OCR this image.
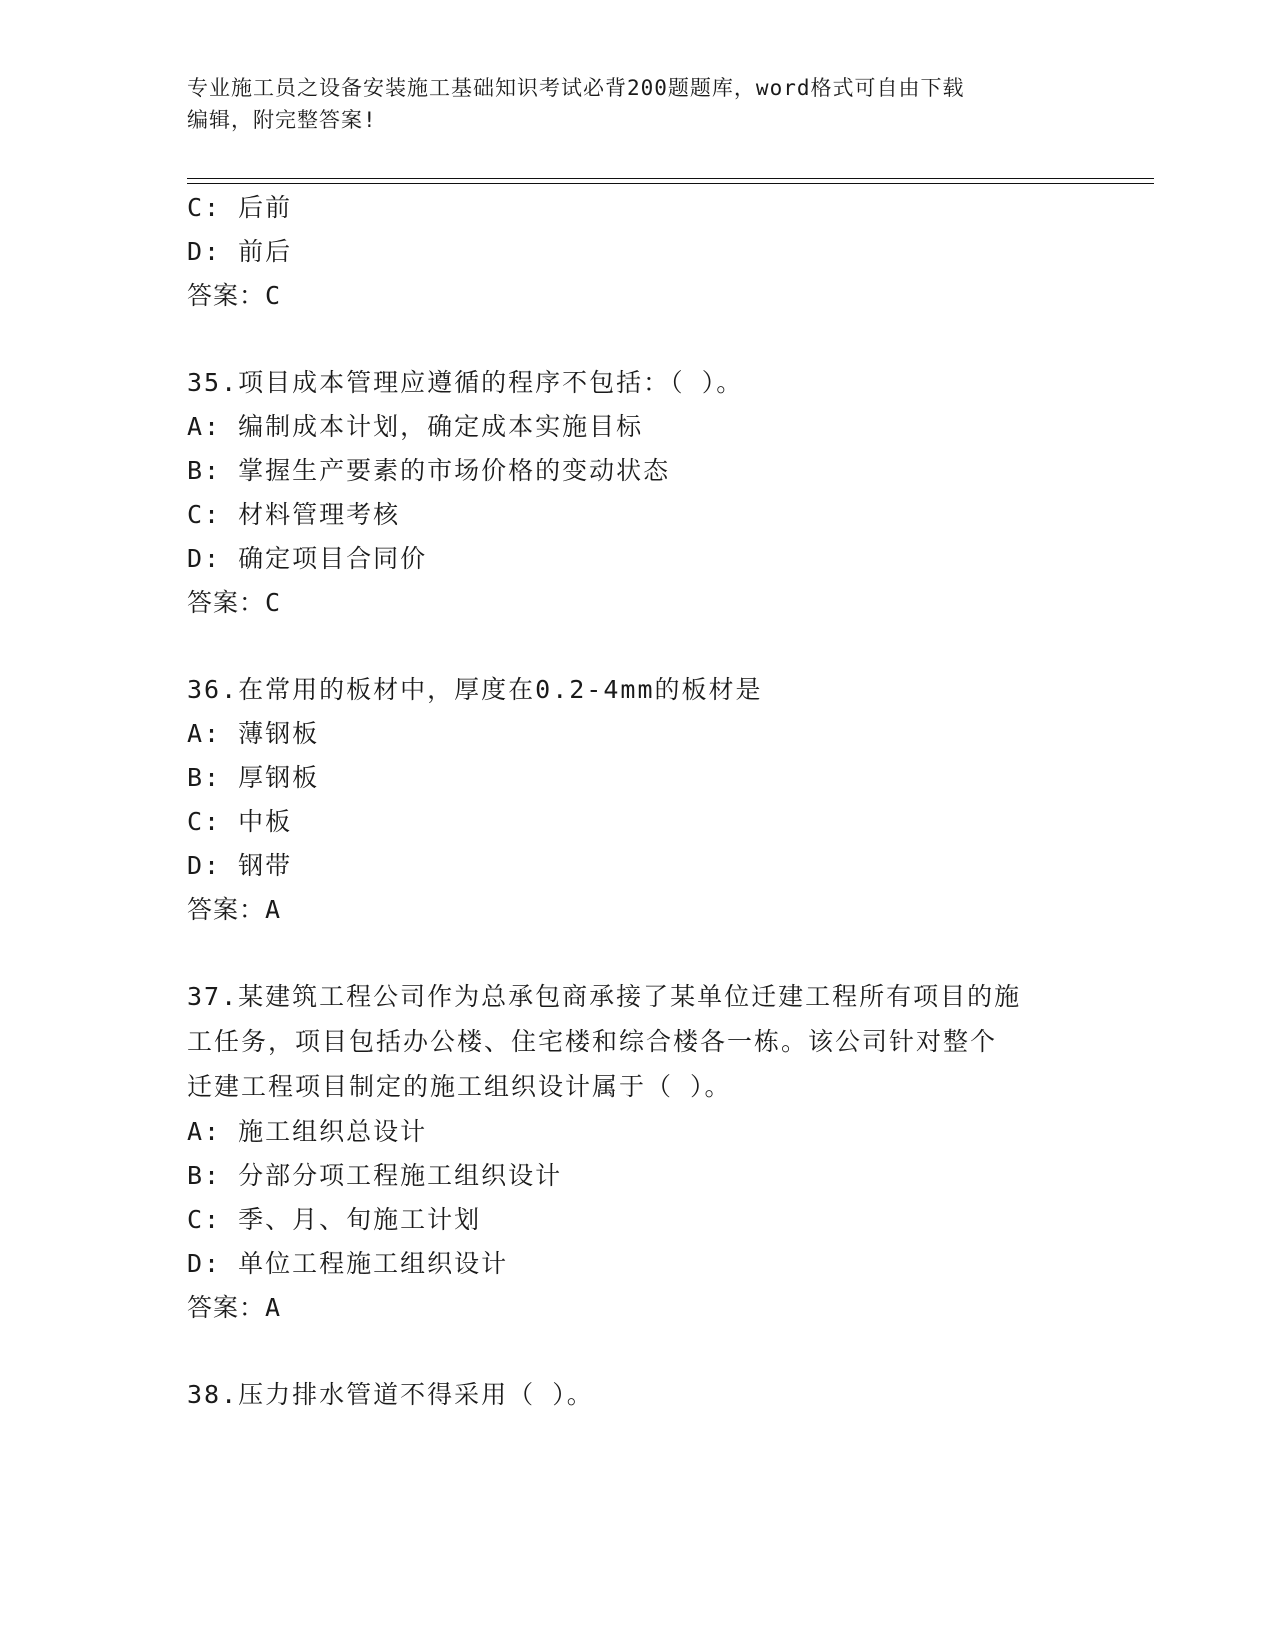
专业施工员之设备安装施工基础知识考试必背200题题库，word格式可自由下载
编辑，附完整答案!
C: 后前
D: 前后
答案：C
35.项目成本管理应遵循的程序不包括：（ ）。
A: 编制成本计划，确定成本实施目标
B: 掌握生产要素的市场价格的变动状态
C: 材料管理考核
D: 确定项目合同价
答案：C
36.在常用的板材中，厚度在0.2-4mm的板材是
A: 薄钢板
B: 厚钢板
C: 中板
D: 钢带
答案：A
37.某建筑工程公司作为总承包商承接了某单位迁建工程所有项目的施
工任务，项目包括办公楼、住宅楼和综合楼各一栋。该公司针对整个
迁建工程项目制定的施工组织设计属于（ ）。
A: 施工组织总设计
B: 分部分项工程施工组织设计
C: 季、月、旬施工计划
D: 单位工程施工组织设计
答案：A
38.压力排水管道不得采用（ ）。
